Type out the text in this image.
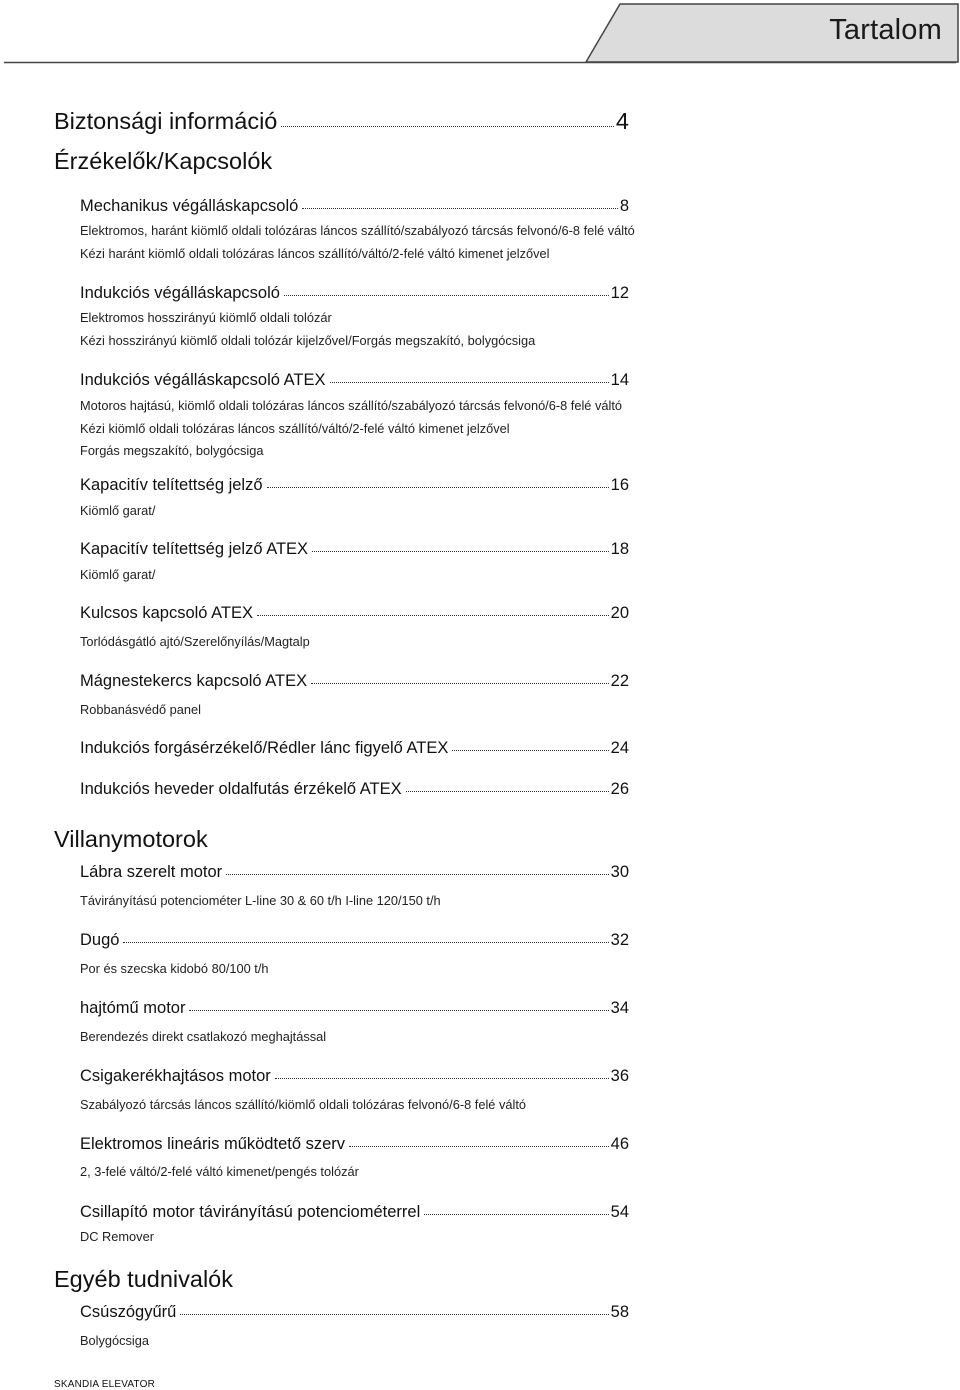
Tartalom
Biztonsági információ	4
Érzékelők/Kapcsolók
Mechanikus végálláskapcsoló	8
Elektromos, haránt kiömlő oldali tolózáras láncos szállító/szabályozó tárcsás felvonó/6-8 felé váltó
Kézi haránt kiömlő oldali tolózáras láncos szállító/váltó/2-felé váltó kimenet jelzővel
Indukciós végálláskapcsoló	12
Elektromos hosszirányú kiömlő oldali tolózár
Kézi hosszirányú kiömlő oldali tolózár kijelzővel/Forgás megszakító, bolygócsiga
Indukciós végálláskapcsoló ATEX	14
Motoros hajtású, kiömlő oldali tolózáras láncos szállító/szabályozó tárcsás felvonó/6-8 felé váltó
Kézi kiömlő oldali tolózáras láncos szállító/váltó/2-felé váltó kimenet jelzővel
Forgás megszakító, bolygócsiga
Kapacitív telítettség jelző	16
Kiömlő garat/
Kapacitív telítettség jelző ATEX	18
Kiömlő garat/
Kulcsos kapcsoló ATEX	20
Torlódásgátló ajtó/Szerelőnyílás/Magtalp
Mágnestekercs kapcsoló ATEX	22
Robbanásvédő panel
Indukciós forgásérzékelő/Rédler lánc figyelő ATEX	24
Indukciós heveder oldalfutás érzékelő ATEX	26
Villanymotorok
Lábra szerelt motor	30
Távirányítású potenciométer L-line 30 & 60 t/h I-line 120/150 t/h
Dugó	32
Por és szecska kidobó 80/100 t/h
hajtómű motor	34
Berendezés direkt csatlakozó meghajtással
Csigakerékhajtásos motor	36
Szabályozó tárcsás láncos szállító/kiömlő oldali tolózáras felvonó/6-8 felé váltó
Elektromos lineáris működtető szerv	46
2, 3-felé váltó/2-felé váltó kimenet/pengés tolózár
Csillapító motor távirányítású potenciométerrel	54
DC Remover
Egyéb tudnivalók
Csúszógyűrű	58
Bolygócsiga
SKANDIA ELEVATOR
